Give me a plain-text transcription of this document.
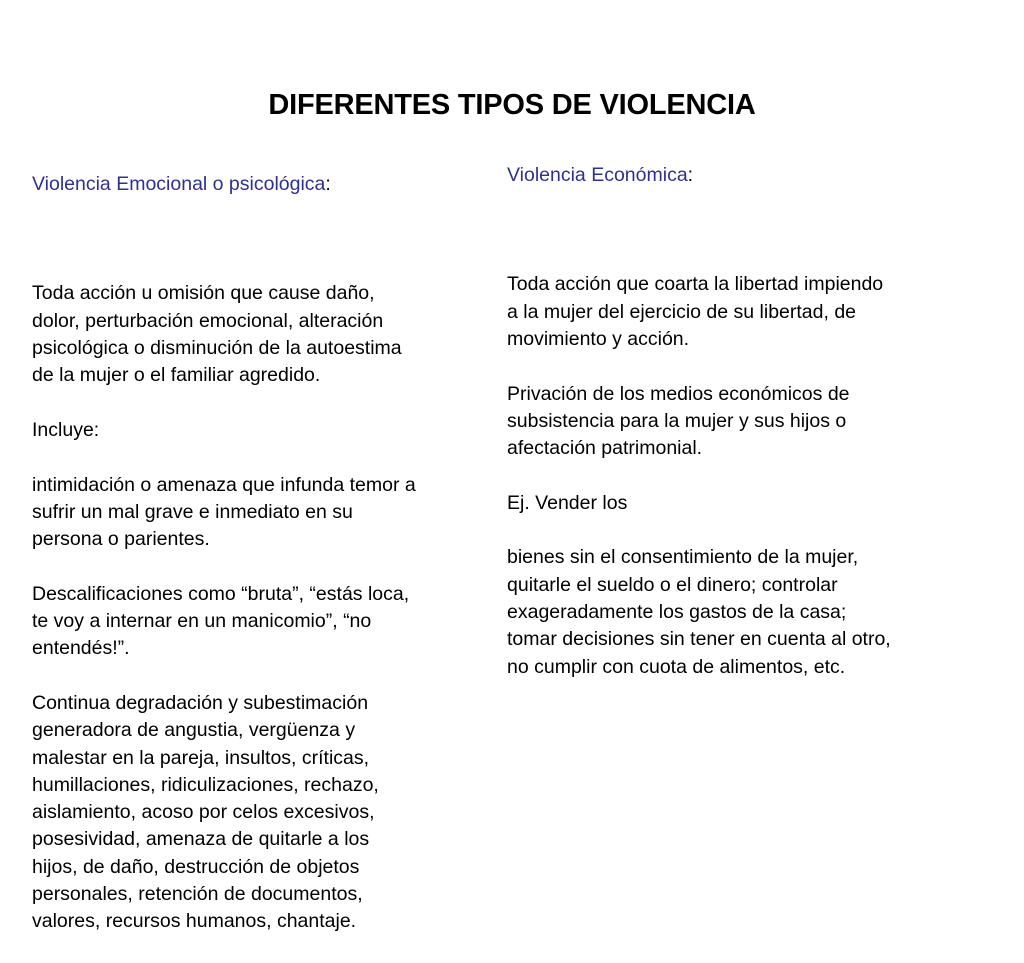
DIFERENTES TIPOS DE VIOLENCIA

Violencia Emocional o psicológica:

Toda acción u omisión que cause daño,
dolor, perturbación emocional, alteración
psicológica o disminución de la autoestima
de la mujer o el familiar agredido.

Incluye:

intimidación o amenaza que infunda temor a
sufrir un mal grave e inmediato en su
persona o parientes.

Descalificaciones como “bruta”, “estás loca,
te voy a internar en un manicomio”, “no
entendés!”.

Continua degradación y subestimación
generadora de angustia, vergüenza y
malestar en la pareja, insultos, críticas,
humillaciones, ridiculizaciones, rechazo,
aislamiento, acoso por celos excesivos,
posesividad, amenaza de quitarle a los
hijos, de daño, destrucción de objetos
personales, retención de documentos,
valores, recursos humanos, chantaje.

Violencia Económica:

Toda acción que coarta la libertad impiendo
a la mujer del ejercicio de su libertad, de
movimiento y acción.

Privación de los medios económicos de
subsistencia para la mujer y sus hijos o
afectación patrimonial.

Ej. Vender los

bienes sin el consentimiento de la mujer,
quitarle el sueldo o el dinero; controlar
exageradamente los gastos de la casa;
tomar decisiones sin tener en cuenta al otro,
no cumplir con cuota de alimentos, etc.
